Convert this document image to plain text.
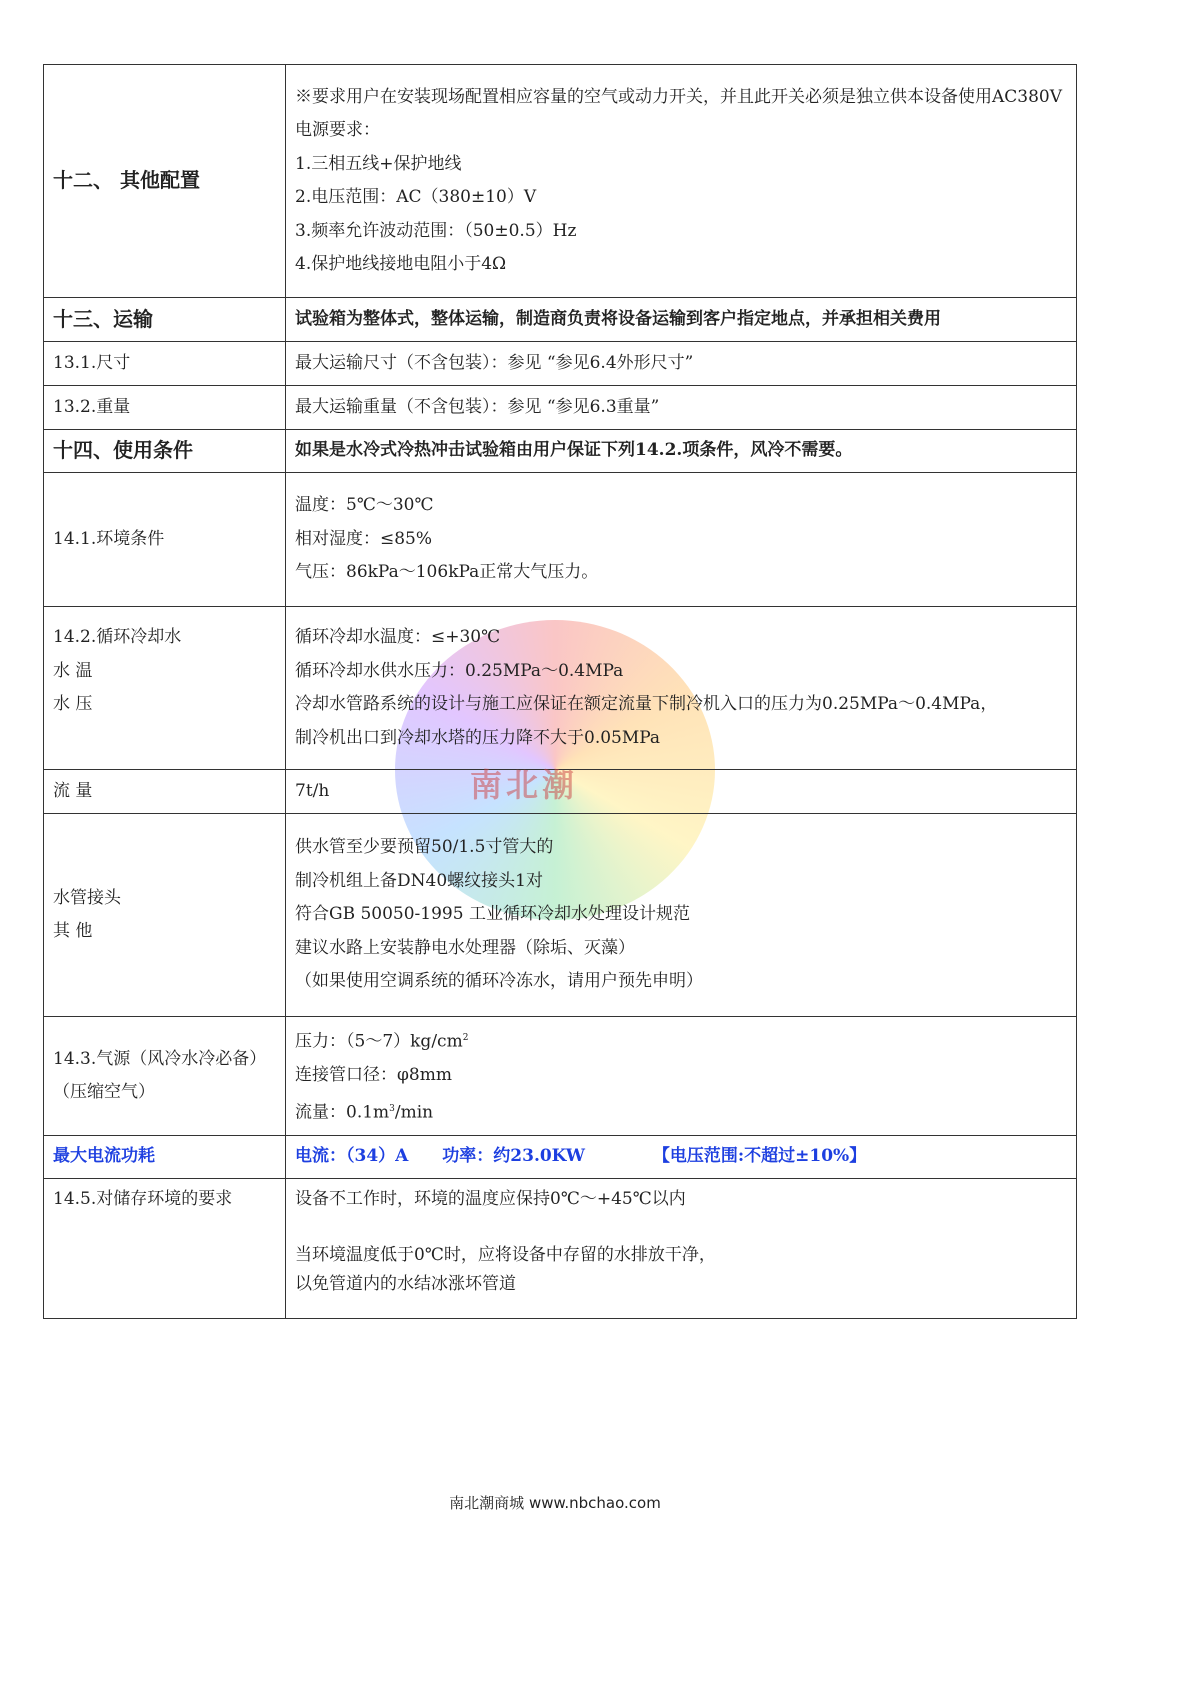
十二、 其他配置	※要求用户在安装现场配置相应容量的空气或动力开关，并且此开关必须是独立供本设备使用AC380V电源要求：
1.三相五线+保护地线
2.电压范围：AC（380±10）V
3.频率允许波动范围：（50±0.5）Hz
4.保护地线接地电阻小于4Ω

十三、运输	试验箱为整体式，整体运输，制造商负责将设备运输到客户指定地点，并承担相关费用
13.1.尺寸	最大运输尺寸（不含包装）：参见 “参见6.4外形尺寸”
13.2.重量	最大运输重量（不含包装）：参见 “参见6.3重量”
十四、使用条件	如果是水冷式冷热冲击试验箱由用户保证下列14.2.项条件，风冷不需要。
14.1.环境条件	温度：5℃～30℃
相对湿度：≤85%
气压：86kPa～106kPa正常大气压力。

14.2.循环冷却水
水 温
水 压	循环冷却水温度：≤+30℃
循环冷却水供水压力：0.25MPa～0.4MPa
冷却水管路系统的设计与施工应保证在额定流量下制冷机入口的压力为0.25MPa～0.4MPa，
制冷机出口到冷却水塔的压力降不大于0.05MPa

流 量	7t/h

水管接头
其 他	供水管至少要预留50/1.5寸管大的
制冷机组上备DN40螺纹接头1对
符合GB 50050-1995 工业循环冷却水处理设计规范
建议水路上安装静电水处理器（除垢、灭藻）
（如果使用空调系统的循环冷冻水，请用户预先申明）

14.3.气源（风冷水冷必备）
（压缩空气）	压力：$(5\sim 7)kg/cm^2$
连接管口径：φ8mm
流量：$0.1m^3/\min$

最大电流功耗	电流：（34）A 功率：约23.0KW 【电压范围:不超过±10%】
14.5.对储存环境的要求	设备不工作时，环境的温度应保持0℃～+45℃以内
当环境温度低于0℃时，应将设备中存留的水排放干净，
以免管道内的水结冰涨坏管道
南北潮
南北潮商城 www.nbchao.com
